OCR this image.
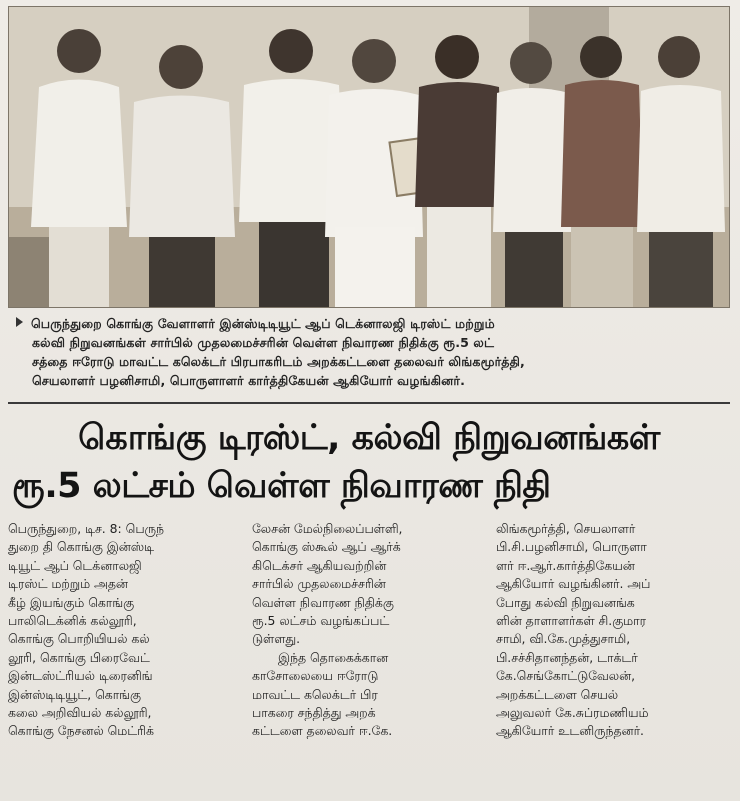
பெருந்துறை கொங்கு வேளாளர் இன்ஸ்டிடியூட் ஆப் டெக்னாலஜி டிரஸ்ட் மற்றும்
கல்வி நிறுவனங்கள் சார்பில் முதலமைச்சரின் வெள்ள நிவாரண நிதிக்கு ரூ.5 லட்
சத்தை ஈரோடு மாவட்ட கலெக்டர் பிரபாகரிடம் அறக்கட்டளை தலைவர் லிங்கமூர்த்தி,
செயலாளர் பழனிசாமி, பொருளாளர் கார்த்திகேயன் ஆகியோர் வழங்கினர்.
கொங்கு டிரஸ்ட், கல்வி நிறுவனங்கள்
ரூ.5 லட்சம் வெள்ள நிவாரண நிதி
பெருந்துறை, டிச. 8: பெருந்
துறை தி கொங்கு இன்ஸ்டி
டியூட் ஆப் டெக்னாலஜி
டிரஸ்ட் மற்றும் அதன்
கீழ் இயங்கும் கொங்கு
பாலிடெக்னிக் கல்லூரி,
கொங்கு பொறியியல் கல்
லூரி, கொங்கு பிரைவேட்
இன்டஸ்ட்ரியல் டிரைனிங்
இன்ஸ்டிடியூட், கொங்கு
கலை அறிவியல் கல்லூரி,
கொங்கு நேசனல் மெட்ரிக்
லேசன் மேல்நிலைப்பள்ளி,
கொங்கு ஸ்கூல் ஆப் ஆர்க்
கிடெக்சர் ஆகியவற்றின்
சார்பில் முதலமைச்சரின்
வெள்ள நிவாரண நிதிக்கு
ரூ.5 லட்சம் வழங்கப்பட்
டுள்ளது.
இந்த தொகைக்கான
காசோலையை ஈரோடு
மாவட்ட கலெக்டர் பிர
பாகரை சந்தித்து அறக்
கட்டளை தலைவர் ஈ.கே.
லிங்கமூர்த்தி, செயலாளர்
பி.சி.பழனிசாமி, பொருளா
ளர் ஈ.ஆர்.கார்த்திகேயன்
ஆகியோர் வழங்கினர். அப்
போது கல்வி நிறுவனங்க
ளின் தாளாளர்கள் சி.குமார
சாமி, வி.கே.முத்துசாமி,
பி.சச்சிதானந்தன், டாக்டர்
கே.செங்கோட்டுவேலன்,
அறக்கட்டளை செயல்
அலுவலர் கே.சுப்ரமணியம்
ஆகியோர் உடனிருந்தனர்.
